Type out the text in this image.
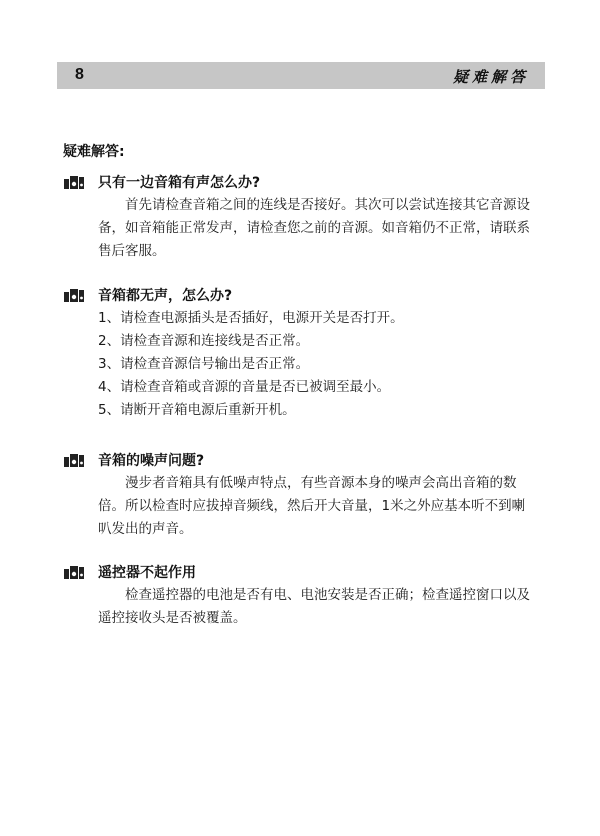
8	疑难解答
疑难解答:
只有一边音箱有声怎么办?
首先请检查音箱之间的连线是否接好。其次可以尝试连接其它音源设备，如音箱能正常发声，请检查您之前的音源。如音箱仍不正常，请联系售后客服。
音箱都无声，怎么办?
1、请检查电源插头是否插好，电源开关是否打开。
2、请检查音源和连接线是否正常。
3、请检查音源信号输出是否正常。
4、请检查音箱或音源的音量是否已被调至最小。
5、请断开音箱电源后重新开机。
音箱的噪声问题?
漫步者音箱具有低噪声特点，有些音源本身的噪声会高出音箱的数倍。所以检查时应拔掉音频线，然后开大音量，1米之外应基本听不到喇叭发出的声音。
遥控器不起作用
检查遥控器的电池是否有电、电池安装是否正确；检查遥控窗口以及遥控接收头是否被覆盖。
